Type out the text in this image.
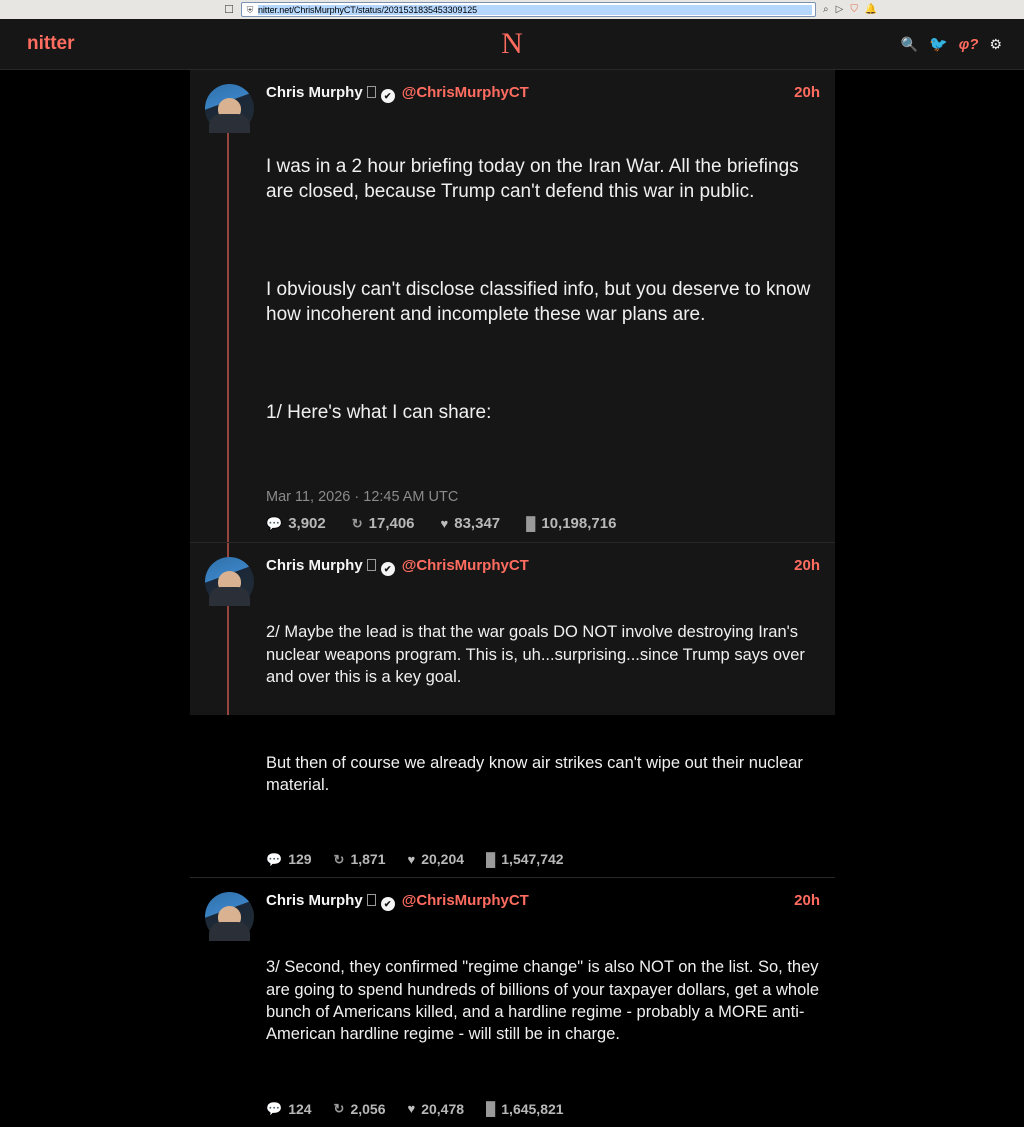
☐	⛨ nitter.net/ChrisMurphyCT/status/2031531835453309125	⌕ ▷ ⛉ 🔔
nitter	N	🔍 🐦 φ? ⚙
Chris Murphy	✔ @ChrisMurphyCT	20h

I was in a 2 hour briefing today on the Iran War. All the briefings are closed, because Trump can't defend this war in public.

I obviously can't disclose classified info, but you deserve to know how incoherent and incomplete these war plans are.

1/ Here's what I can share:

Mar 11, 2026 · 12:45 AM UTC
💬 3,902 ↻ 17,406 ♥ 83,347 █ 10,198,716
Chris Murphy	✔ @ChrisMurphyCT	20h

2/ Maybe the lead is that the war goals DO NOT involve destroying Iran's nuclear weapons program. This is, uh...surprising...since Trump says over and over this is a key goal.

But then of course we already know air strikes can't wipe out their nuclear material.

💬 129 ↻ 1,871 ♥ 20,204 █ 1,547,742
Chris Murphy	✔ @ChrisMurphyCT	20h

3/ Second, they confirmed "regime change" is also NOT on the list. So, they are going to spend hundreds of billions of your taxpayer dollars, get a whole bunch of Americans killed, and a hardline regime - probably a MORE anti-American hardline regime - will still be in charge.

💬 124 ↻ 2,056 ♥ 20,478 █ 1,645,821
